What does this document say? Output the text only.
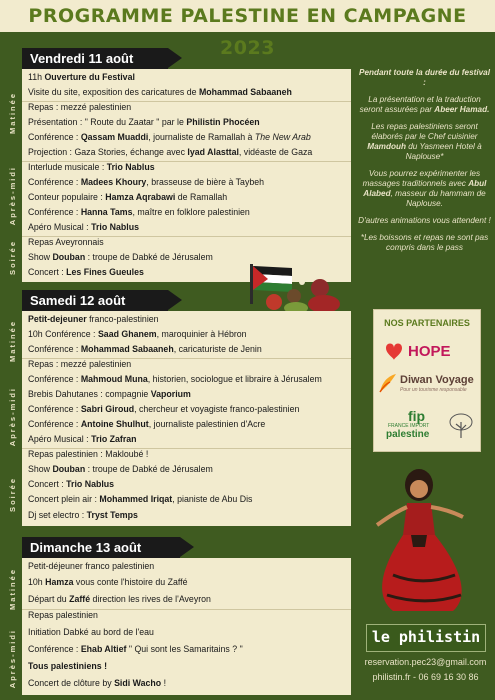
PROGRAMME PALESTINE EN CAMPAGNE 2023
Vendredi 11 août
Matinée
Après-midi
Soirée
11h Ouverture du Festival
Visite du site, exposition des caricatures de Mohammad Sabaaneh
Repas : mezzé palestinien
Présentation : " Route du Zaatar " par le Philistin Phocéen
Conférence : Qassam Muaddi, journaliste de Ramallah à The New Arab
Projection : Gaza Stories, échange avec Iyad Alasttal, vidéaste de Gaza
Interlude musicale : Trio Nablus
Conférence : Madees Khoury, brasseuse de bière à Taybeh
Conteur populaire : Hamza Aqrabawi de Ramallah
Conférence : Hanna Tams, maître en folklore palestinien
Apéro Musical : Trio Nablus
Repas Aveyronnais
Show Douban : troupe de Dabké de Jérusalem
Concert : Les Fines Gueules
Samedi 12 août
Matinée
Après-midi
Soirée
Petit-dejeuner franco-palestinien
10h Conférence : Saad Ghanem, maroquinier à Hébron
Conférence : Mohammad Sabaaneh, caricaturiste de Jenin
Repas : mezzé palestinien
Conférence : Mahmoud Muna, historien, sociologue et libraire à Jérusalem
Brebis Dahutanes : compagnie Vaporium
Conférence : Sabri Giroud, chercheur et voyagiste franco-palestinien
Conférence : Antoine Shulhut, journaliste palestinien d'Acre
Apéro Musical : Trio Zafran
Repas palestinien : Makloubé !
Show Douban : troupe de Dabké de Jérusalem
Concert : Trio Nablus
Concert plein air : Mohammed Iriqat, pianiste de Abu Dis
Dj set electro : Tryst Temps
Dimanche 13 août
Matinée
Après-midi
Petit-déjeuner franco palestinien
10h Hamza vous conte l'histoire du Zaffé
Départ du Zaffé direction les rives de l'Aveyron
Repas palestinien
Initiation Dabké au bord de l'eau
Conférence : Ehab Altief " Qui sont les Samaritains ? "
Tous palestiniens !
Concert de clôture by Sidi Wacho !

Pendant toute la durée du festival :

La présentation et la traduction seront assurées par Abeer Hamad.

Les repas palestiniens seront élaborés par le Chef cuisinier Mamdouh du Yasmeen Hotel à Naplouse*

Vous pourrez expérimenter les massages traditionnels avec Abul Alabed, masseur du hammam de Naplouse.

D'autres animations vous attendent !

*Les boissons et repas ne sont pas compris dans le pass

NOS PARTENAIRES
HOPE
Diwan Voyage
Pour un tourisme responsable
fip
FRANCE IMPORT
palestine
le philistin
reservation.pec23@gmail.com
philistin.fr - 06 69 16 30 86
